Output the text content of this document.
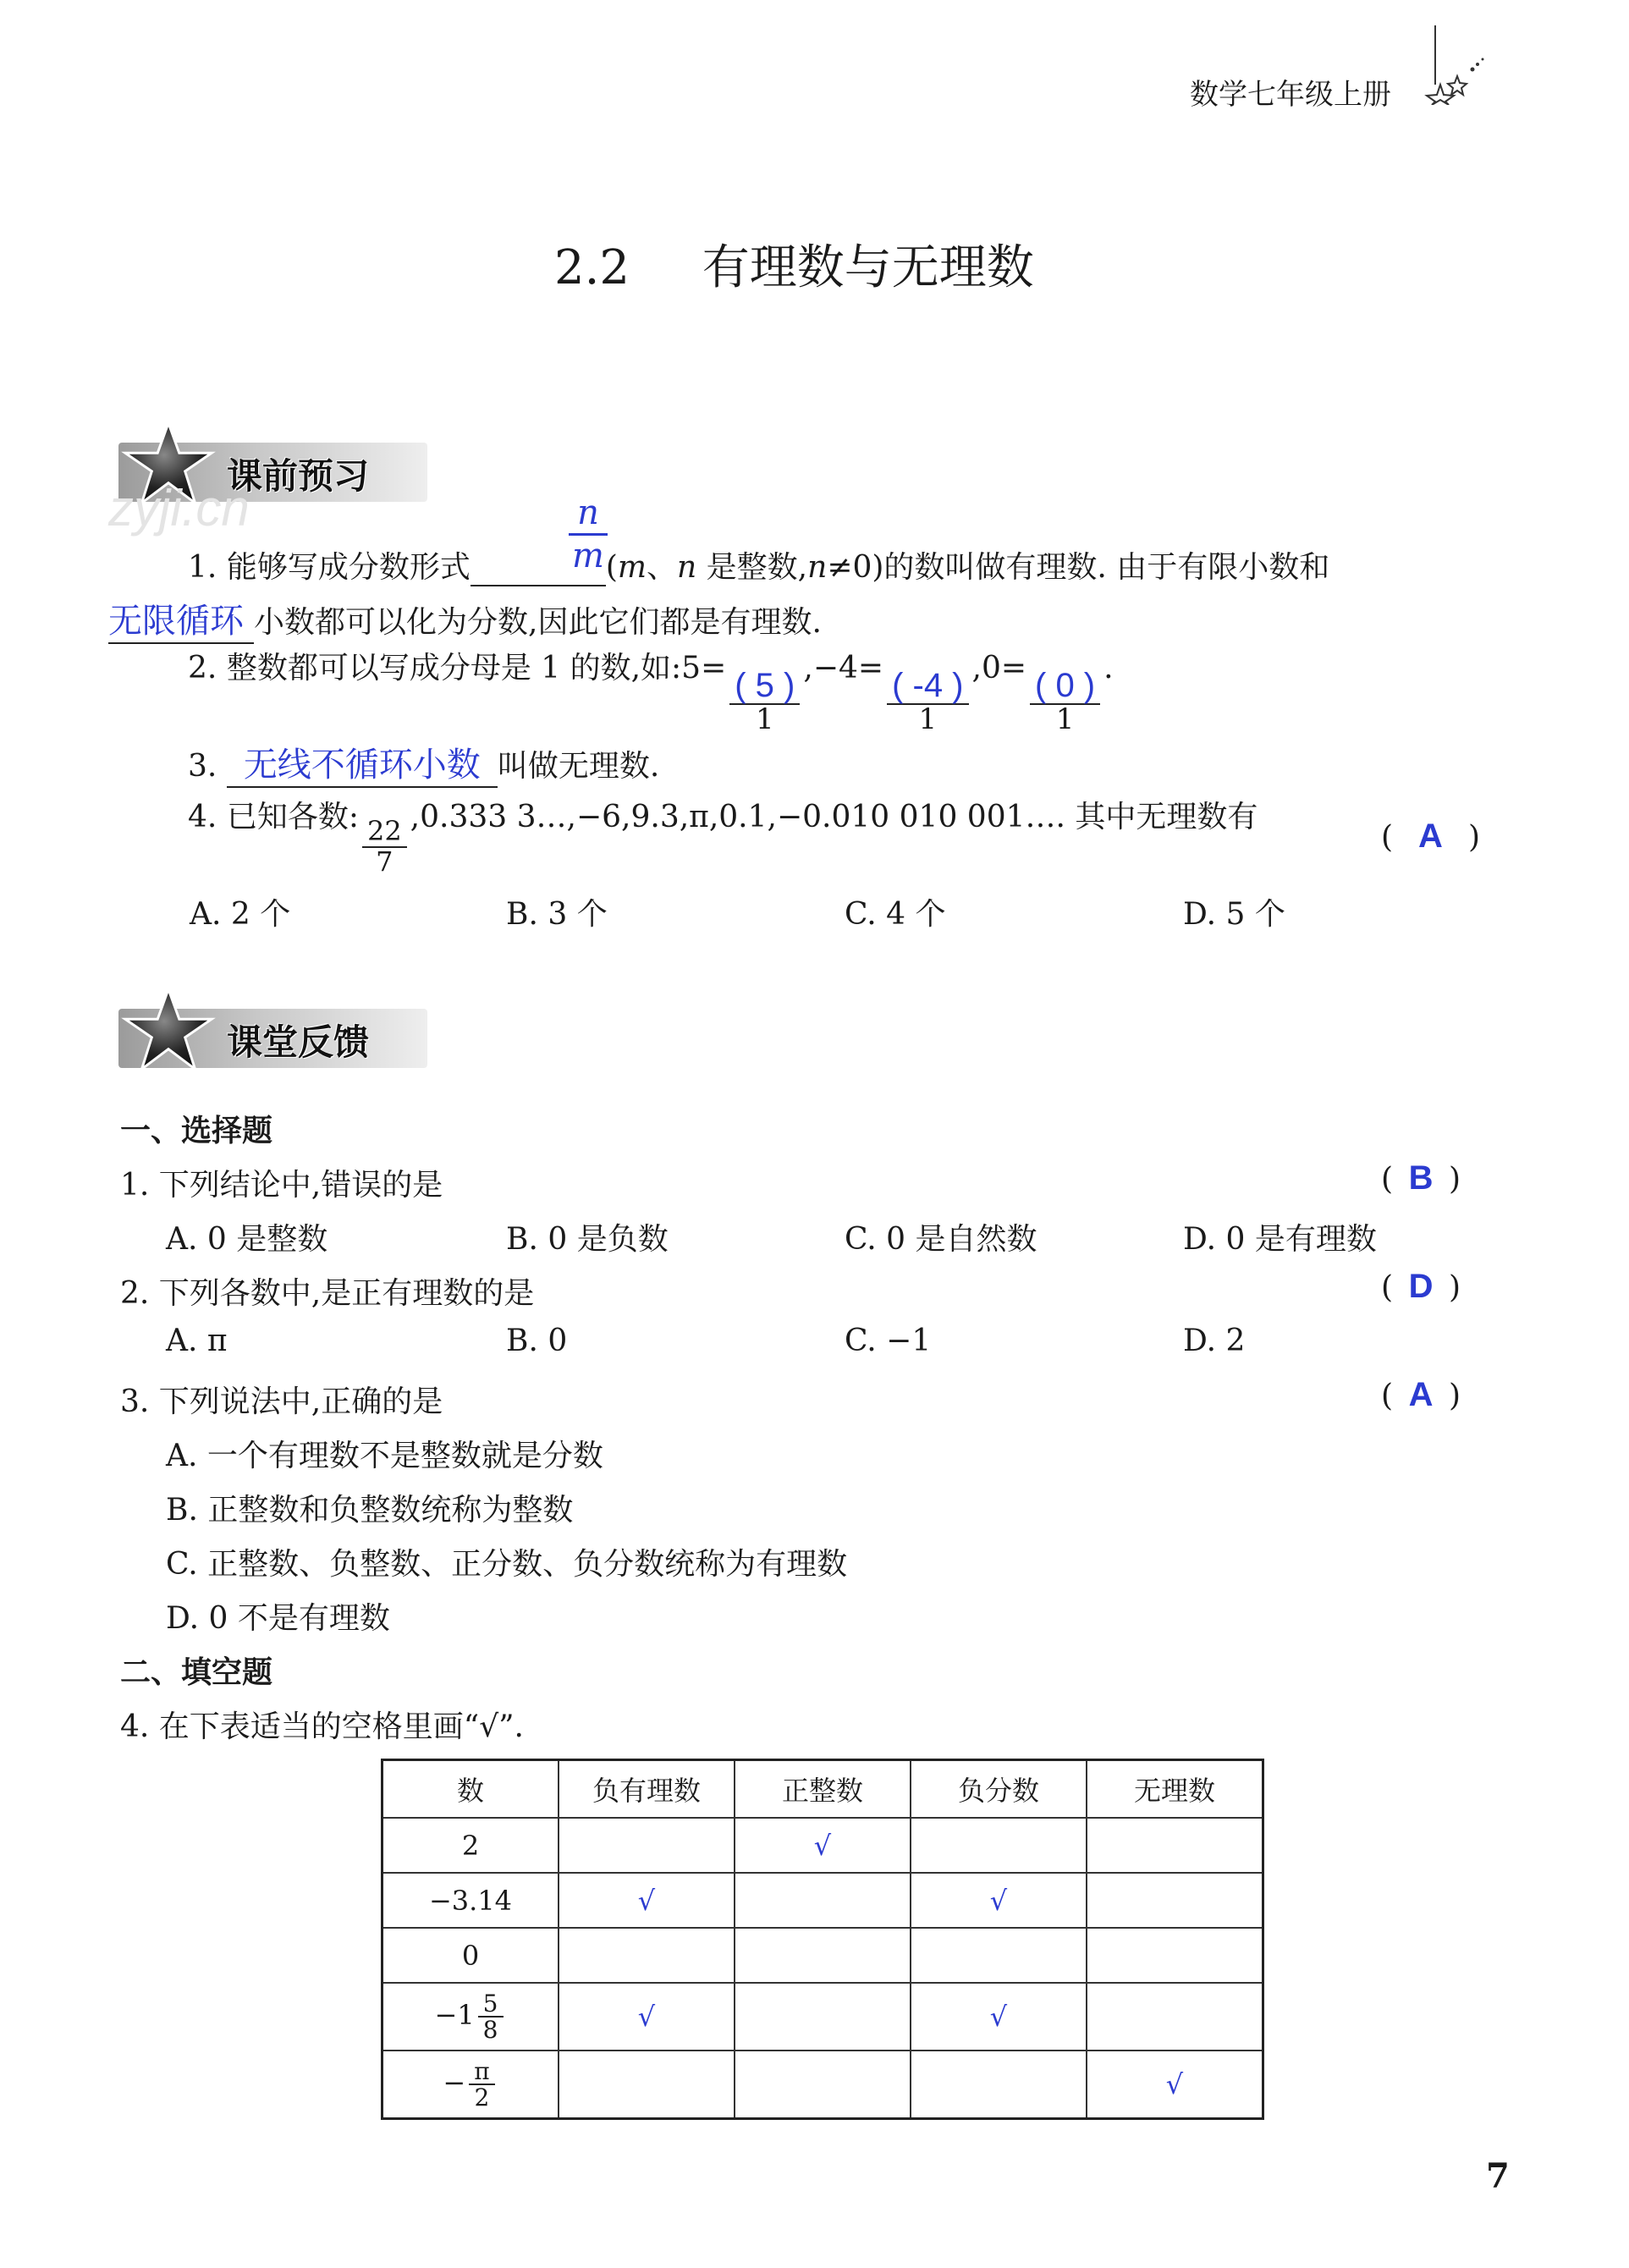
数学七年级上册
2.2 有理数与无理数
课前预习
zyji.cn	n
m
1. 能够写成分数形式	(m、n 是整数,n≠0)的数叫做有理数. 由于有限小数和
无限循环 小数都可以化为分数,因此它们都是有理数.
2. 整数都可以写成分母是 1 的数,如:5= $\frac{( 5 )}{1} ,-4= \frac{( -4 )}{1} ,0= \frac{( 0 )}{1}$ .
3. 无线不循环小数 叫做无理数.
4. 已知各数:
$\frac{22}{7}$
,0.333 3…,−6,9.3,π,0.1,−0.010 010 001…. 其中无理数有
( A )
A. 2 个	B. 3 个	C. 4 个	D. 5 个
课堂反馈
一、选择题
1. 下列结论中,错误的是	( B )
A. 0 是整数	B. 0 是负数	C. 0 是自然数	D. 0 是有理数
2. 下列各数中,是正有理数的是	( D )
A. π	B. 0	C. −1	D. 2
3. 下列说法中,正确的是	( A )
A. 一个有理数不是整数就是分数
B. 正整数和负整数统称为整数
C. 正整数、负整数、正分数、负分数统称为有理数
D. 0 不是有理数
二、填空题
4. 在下表适当的空格里画“√”.
数	负有理数	正整数	负分数	无理数
2		√		
−3.14	√		√	
0				
$-1 \frac{5}{8}$	√		√	
− $\frac{\pi}{2}$				√
7
